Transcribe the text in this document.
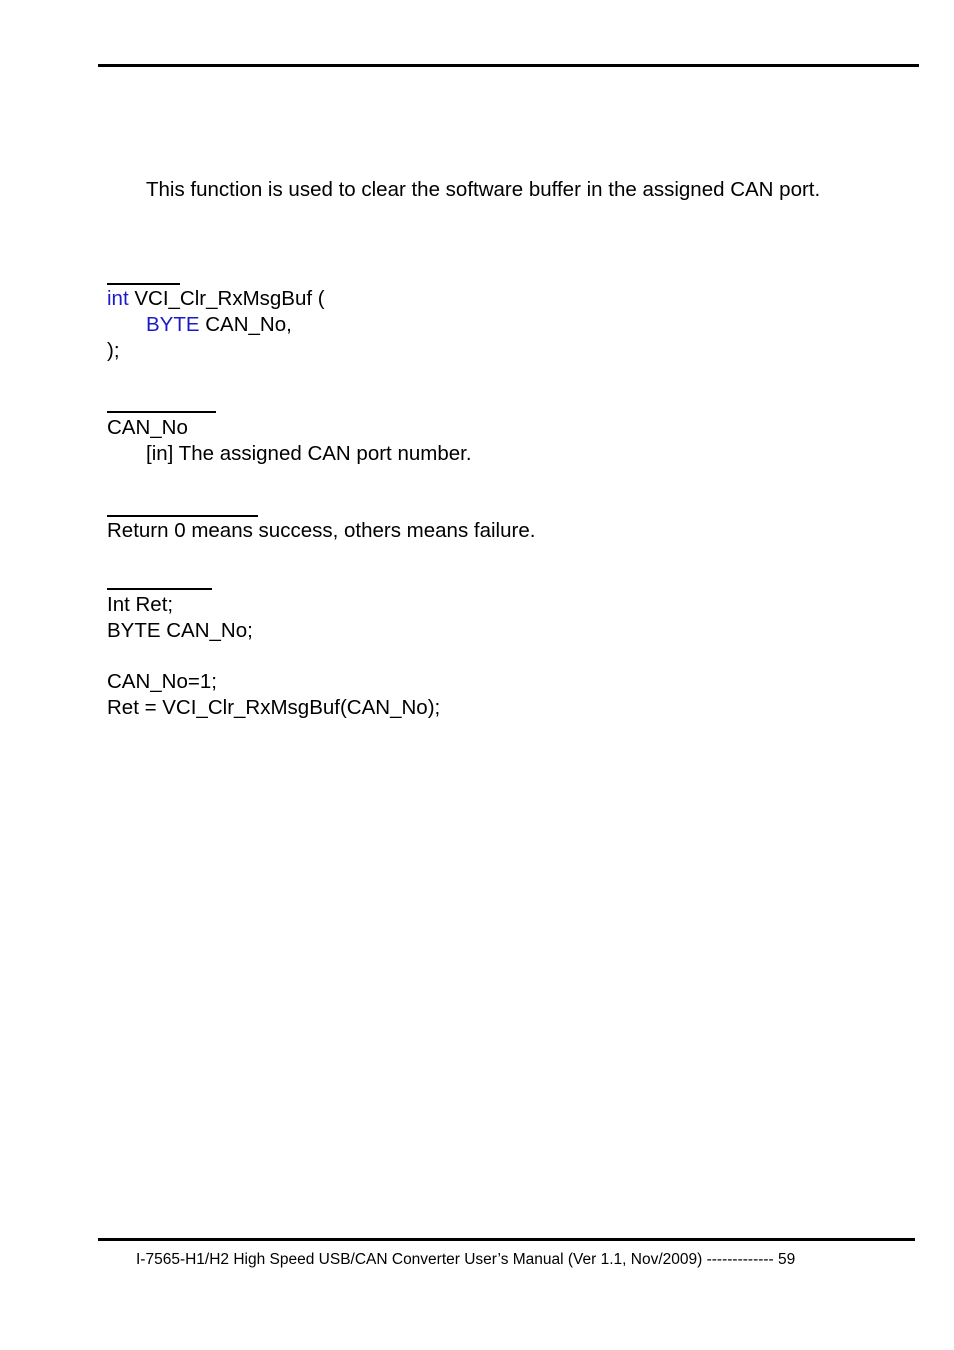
This function is used to clear the software buffer in the assigned CAN port.
int VCI_Clr_RxMsgBuf (
BYTE CAN_No,
);
CAN_No
[in] The assigned CAN port number.
Return 0 means success, others means failure.
Int Ret;
BYTE CAN_No;
CAN_No=1;
Ret = VCI_Clr_RxMsgBuf(CAN_No);
I-7565-H1/H2 High Speed USB/CAN Converter User’s Manual (Ver 1.1, Nov/2009) ------------- 59
